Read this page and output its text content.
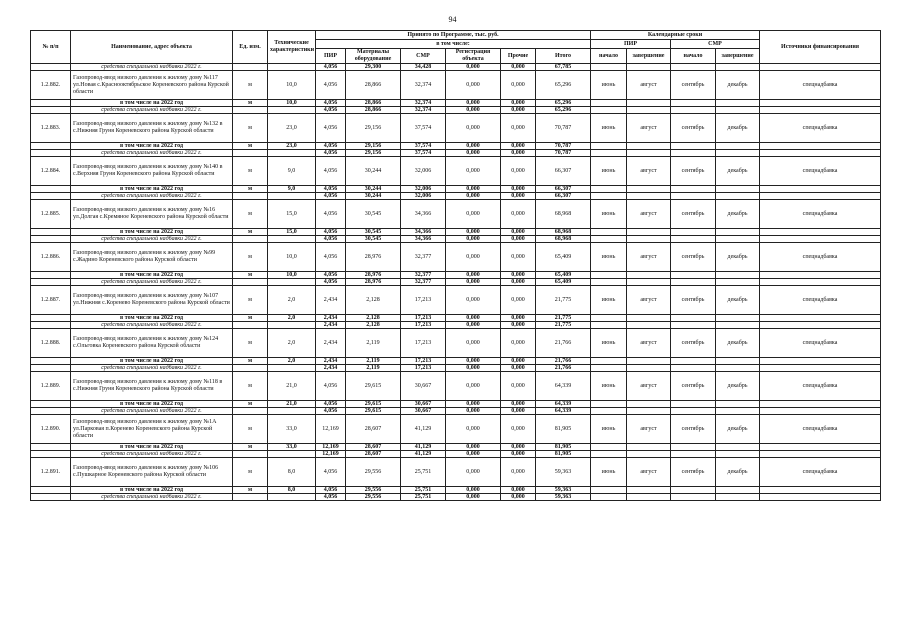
94
№ п/п	Наименование, адрес объекта	Ед. изм.	Технические характеристики	Принято по Программе, тыс. руб.						Календарные сроки				Источники финансирования
				в том числе:						ПИР		СМР		
				ПИР	Материалы оборудование	СМР	Регистрация объекта	Прочие	Итого	начало	завершение	начало	завершение	

	средства специальной надбавки 2022 г.			4,056	29,300	34,428	0,000	0,000	67,785					
1.2.882.	Газопровод-ввод низкого давления к жилому дому №117 ул.Новая с.Краснооктябрьское Кореневского района Курской области	м	10,0	4,056	28,866	32,374	0,000	0,000	65,296	июнь	август	сентябрь	декабрь	спецнадбавка
	в том числе на 2022 год	м	10,0	4,056	28,866	32,374	0,000	0,000	65,296					
	средства специальной надбавки 2022 г.			4,056	28,866	32,374	0,000	0,000	65,296					
1.2.883.	Газопровод-ввод низкого давления к жилому дому №132 в с.Нижняя Груня Кореневского района Курской области	м	23,0	4,056	29,156	37,574	0,000	0,000	70,787	июнь	август	сентябрь	декабрь	спецнадбавка
	в том числе на 2022 год	м	23,0	4,056	29,156	37,574	0,000	0,000	70,787					
	средства специальной надбавки 2022 г.			4,056	29,156	37,574	0,000	0,000	70,787					
1.2.884.	Газопровод-ввод низкого давления к жилому дому №140 в с.Верхняя Груня Кореневского района Курской области	м	9,0	4,056	30,244	32,006	0,000	0,000	66,307	июнь	август	сентябрь	декабрь	спецнадбавка
	в том числе на 2022 год	м	9,0	4,056	30,244	32,006	0,000	0,000	66,307					
	средства специальной надбавки 2022 г.			4,056	30,244	32,006	0,000	0,000	66,307					
1.2.885.	Газопровод-ввод низкого давления к жилому дому №16 ул.Долгая с.Кремяное Кореневского района Курской области	м	15,0	4,056	30,545	34,366	0,000	0,000	68,968	июнь	август	сентябрь	декабрь	спецнадбавка
	в том числе на 2022 год	м	15,0	4,056	30,545	34,366	0,000	0,000	68,968					
	средства специальной надбавки 2022 г.			4,056	30,545	34,366	0,000	0,000	68,968					
1.2.886.	Газопровод-ввод низкого давления к жилому дому №99 с.Жадино Кореневского района Курской области	м	10,0	4,056	28,976	32,377	0,000	0,000	65,409	июнь	август	сентябрь	декабрь	спецнадбавка
	в том числе на 2022 год	м	10,0	4,056	28,976	32,377	0,000	0,000	65,409					
	средства специальной надбавки 2022 г.			4,056	28,976	32,377	0,000	0,000	65,409					
1.2.887.	Газопровод-ввод низкого давления к жилому дому №107 ул.Нижняя с.Коренево Кореневского района Курской области	м	2,0	2,434	2,128	17,213	0,000	0,000	21,775	июнь	август	сентябрь	декабрь	спецнадбавка
	в том числе на 2022 год	м	2,0	2,434	2,128	17,213	0,000	0,000	21,775					
	средства специальной надбавки 2022 г.			2,434	2,128	17,213	0,000	0,000	21,775					
1.2.888.	Газопровод-ввод низкого давления к жилому дому №124 с.Ольговка Кореневского района Курской области	м	2,0	2,434	2,119	17,213	0,000	0,000	21,766	июнь	август	сентябрь	декабрь	спецнадбавка
	в том числе на 2022 год	м	2,0	2,434	2,119	17,213	0,000	0,000	21,766					
	средства специальной надбавки 2022 г.			2,434	2,119	17,213	0,000	0,000	21,766					
1.2.889.	Газопровод-ввод низкого давления к жилому дому №118 в с.Нижняя Груня Кореневского района Курской области	м	21,0	4,056	29,615	30,667	0,000	0,000	64,339	июнь	август	сентябрь	декабрь	спецнадбавка
	в том числе на 2022 год	м	21,0	4,056	29,615	30,667	0,000	0,000	64,339					
	средства специальной надбавки 2022 г.			4,056	29,615	30,667	0,000	0,000	64,339					
1.2.890.	Газопровод-ввод низкого давления к жилому дому №1А ул.Парковая п.Коренево Кореневского района Курской области	м	33,0	12,169	28,607	41,129	0,000	0,000	81,905	июнь	август	сентябрь	декабрь	спецнадбавка
	в том числе на 2022 год	м	33,0	12,169	28,607	41,129	0,000	0,000	81,905					
	средства специальной надбавки 2022 г.			12,169	28,607	41,129	0,000	0,000	81,905					
1.2.891.	Газопровод-ввод низкого давления к жилому дому №106 с.Пушкарное Кореневского района Курской области	м	8,0	4,056	29,556	25,751	0,000	0,000	59,363	июнь	август	сентябрь	декабрь	спецнадбавка
	в том числе на 2022 год	м	8,0	4,056	29,556	25,751	0,000	0,000	59,363					
	средства специальной надбавки 2022 г.			4,056	29,556	25,751	0,000	0,000	59,363					
